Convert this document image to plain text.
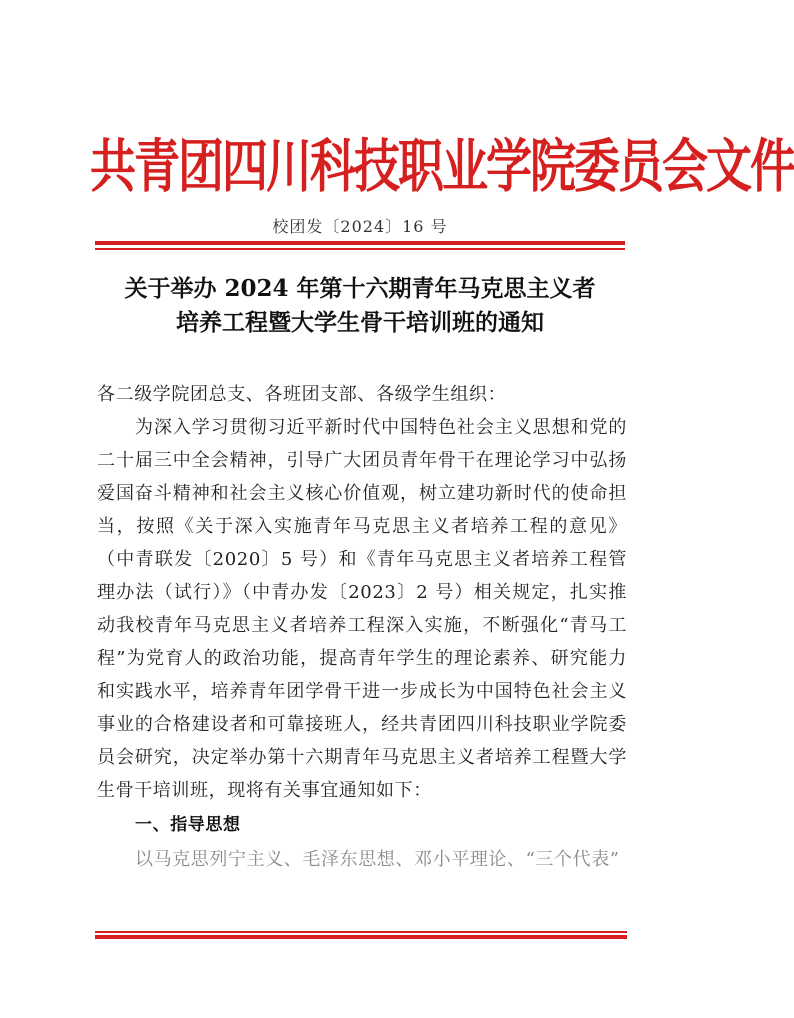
共青团四川科技职业学院委员会文件
校团发〔2024〕16 号
关于举办 2024 年第十六期青年马克思主义者
培养工程暨大学生骨干培训班的通知

各二级学院团总支、各班团支部、各级学生组织：

为深入学习贯彻习近平新时代中国特色社会主义思想和党的二十届三中全会精神，引导广大团员青年骨干在理论学习中弘扬爱国奋斗精神和社会主义核心价值观，树立建功新时代的使命担当，按照《关于深入实施青年马克思主义者培养工程的意见》（中青联发〔2020〕5 号）和《青年马克思主义者培养工程管理办法（试行）》（中青办发〔2023〕2 号）相关规定，扎实推动我校青年马克思主义者培养工程深入实施，不断强化“青马工程”为党育人的政治功能，提高青年学生的理论素养、研究能力和实践水平，培养青年团学骨干进一步成长为中国特色社会主义事业的合格建设者和可靠接班人，经共青团四川科技职业学院委员会研究，决定举办第十六期青年马克思主义者培养工程暨大学生骨干培训班，现将有关事宜通知如下：

一、指导思想

以马克思列宁主义、毛泽东思想、邓小平理论、“三个代表”
